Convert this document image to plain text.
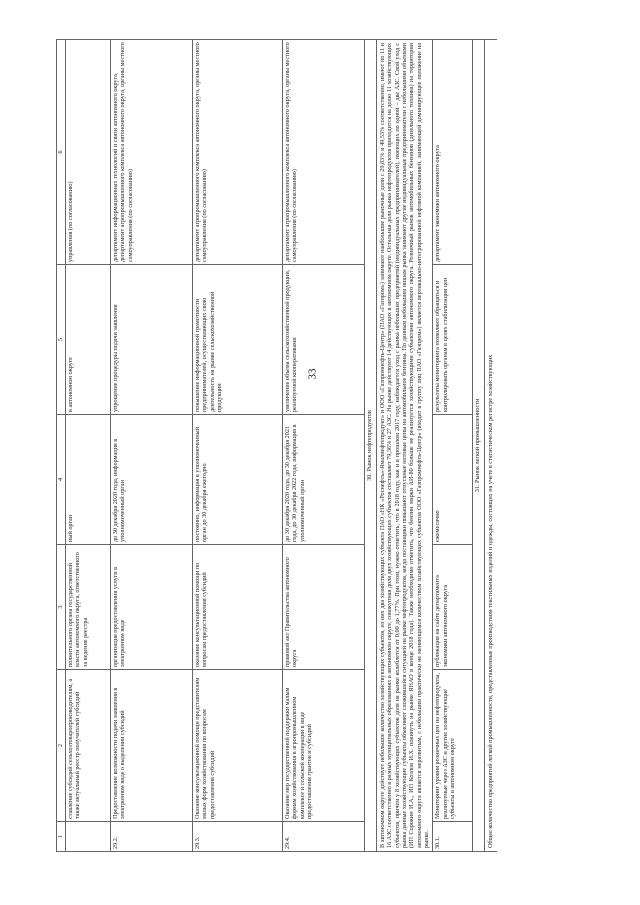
33
1	2	3	4	5	6
	ставление субсидий сельхозтоваропроизводителям, а также актуальный реестр получателей субсидий	полнительного органа государственной власти автономного округа, ответственного за ведение реестра	ный орган	в автономном округе	управления (по согласованию)
29.2.	Предоставление возможности подачи заявления в электронном виде о выделении субсидий	организация предоставления услуги в электронном виде	до 30 декабря 2020 года, информация в уполномоченный орган	упрощение процедуры подачи заявления	департамент информационных технологий и связи автономного округа, департамент агропромышленного комплекса автономного округа, органы местного самоуправления (по согласованию)
29.3.	Оказание консультационной помощи представителям малых форм хозяйствования по вопросам предоставления субсидий	оказание консультационной помощи по вопросам предоставления субсидий	постоянно, информация в уполномоченный орган до 30 декабря ежегодно	повышение информационной грамотности предпринимателей, осуществляющих свою деятельность на рынке сельскохозяйственной продукции	департамент агропромышленного комплекса автономного округа, органы местного самоуправления (по согласованию)
29.4.	Оказание мер государственной поддержки малым формам хозяйствования в агропромышленном комплексе и сельской кооперации в виде предоставления грантов и субсидий	правовой акт Правительства автономного округа	до 30 декабря 2020 года, до 30 декабря 2021 года, до 30 декабря 2022 года, информация в уполномоченный орган	увеличение объема сельскохозяйственной продукции, реализуемой кооперативами	департамент агропромышленного комплекса автономного округа, органы местного самоуправления (по согласованию)
30. Рынок нефтепродуктов					
В автономном округе действует небольшое количество хозяйствующих субъектов, из них два хозяйствующих субъекта ПАО «НК «Роснефть»-Ямалнефтепродукт» и ООО «Газпромнефть-Центр» (ПАО «Газпром») занимают наибольшие рыночные доли с 29,83% и 49,53% соответственно, имеют по 11 и 16 АЗС соответственно в разных муниципальных образованиях в автономном округе, совокупная доля двух хозяйствующих субъектов составляет 79,36% и 27 АЗС. На рынке действуют 14 действующих в автономном округе. Остальная доля рынка нефтепродуктов приходится на долю 11 хозяйствующих субъектов, причем у 8 хозяйствующих субъектов доля на рынке колеблется от 0,00 до 1,77%. При этом, нужно отметить, что в 2018 году, как и в прошлом 2017 году, наблюдается уход с рынка небольших предприятий (индивидуальных предпринимателей), имеющих по одной – две АЗС. Свой уход с рынка данные хозяйствующие субъекты объясняют сложившейся ситуацией на рынке нефтепродуктов, когда поставщики повышают отпускные оптовые цены на автомобильное бензины. По данным небольшим нишам рынка занимают другие индивидуальные предприниматели с небольшими объемами (ИП Сорокин И.А., ИП Козлов И.Х. покинуть на рынке ЯНАО в конце 2018 года). Также необходимо отметить, что бензин марки АИ-80 больше не реализуется хозяйствующими субъектами автономного округа. Розничный рынок автомобильных бензинов (дизельного топлива) на территории автономного округа является неразвитым, с небольшим практически не меняющимся количеством хозяйствующих субъектов ООО «Газпромнефть-Центр» (входит в группу лиц ПАО «Газпром») является вертикально-интегрированной нефтяной компанией, занимающей доминирующее положение на рынке.					
30.1.	Мониторинг уровня розничных цен на нефтепродукты, реализуемые через АЗС и другие хозяйствующие субъекты в автономном округе	публикация на сайте департамента экономики автономного округа	ежемесячно	результаты мониторинга позволяют обращаться и контролировать органам в целях стабилизации цен	департамент экономики автономного округа
31. Рынок легкой промышленности					
Общее количество предприятий легкой промышленности, представленные производством текстильных изделий и одежды, состоящих на учете в статистическом регистре хозяйствующих					
